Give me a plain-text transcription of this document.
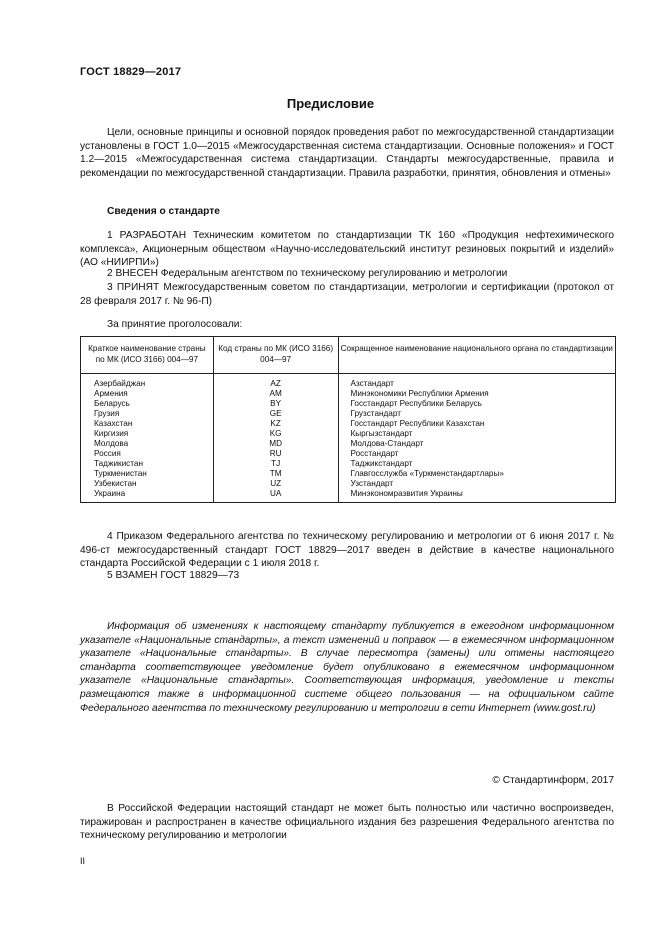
ГОСТ 18829—2017
Предисловие
Цели, основные принципы и основной порядок проведения работ по межгосударственной стандартизации установлены в ГОСТ 1.0—2015 «Межгосударственная система стандартизации. Основные положения» и ГОСТ 1.2—2015 «Межгосударственная система стандартизации. Стандарты межгосударственные, правила и рекомендации по межгосударственной стандартизации. Правила разработки, принятия, обновления и отмены»
Сведения о стандарте
1 РАЗРАБОТАН Техническим комитетом по стандартизации ТК 160 «Продукция нефтехимического комплекса», Акционерным обществом «Научно-исследовательский институт резиновых покрытий и изделий» (АО «НИИРПИ»)
2 ВНЕСЕН Федеральным агентством по техническому регулированию и метрологии
3 ПРИНЯТ Межгосударственным советом по стандартизации, метрологии и сертификации (протокол от 28 февраля 2017 г. № 96-П)
За принятие проголосовали:
Краткое наименование страны по МК (ИСО 3166) 004—97	Код страны по МК (ИСО 3166) 004—97	Сокращенное наименование национального органа по стандартизации
Азербайджан	AZ	Азстандарт
Армения	AM	Минэкономики Республики Армения
Беларусь	BY	Госстандарт Республики Беларусь
Грузия	GE	Грузстандарт
Казахстан	KZ	Госстандарт Республики Казахстан
Киргизия	KG	Кыргызстандарт
Молдова	MD	Молдова-Стандарт
Россия	RU	Росстандарт
Таджикистан	TJ	Таджикстандарт
Туркменистан	TM	Главгосслужба «Туркменстандартлары»
Узбекистан	UZ	Узстандарт
Украина	UA	Минэкономразвития Украины
4 Приказом Федерального агентства по техническому регулированию и метрологии от 6 июня 2017 г. № 496-ст межгосударственный стандарт ГОСТ 18829—2017 введен в действие в качестве национального стандарта Российской Федерации с 1 июля 2018 г.
5 ВЗАМЕН ГОСТ 18829—73
Информация об изменениях к настоящему стандарту публикуется в ежегодном информационном указателе «Национальные стандарты», а текст изменений и поправок — в ежемесячном информационном указателе «Национальные стандарты». В случае пересмотра (замены) или отмены настоящего стандарта соответствующее уведомление будет опубликовано в ежемесячном информационном указателе «Национальные стандарты». Соответствующая информация, уведомление и тексты размещаются также в информационной системе общего пользования — на официальном сайте Федерального агентства по техническому регулированию и метрологии в сети Интернет (www.gost.ru)
© Стандартинформ, 2017
В Российской Федерации настоящий стандарт не может быть полностью или частично воспроизведен, тиражирован и распространен в качестве официального издания без разрешения Федерального агентства по техническому регулированию и метрологии
II
